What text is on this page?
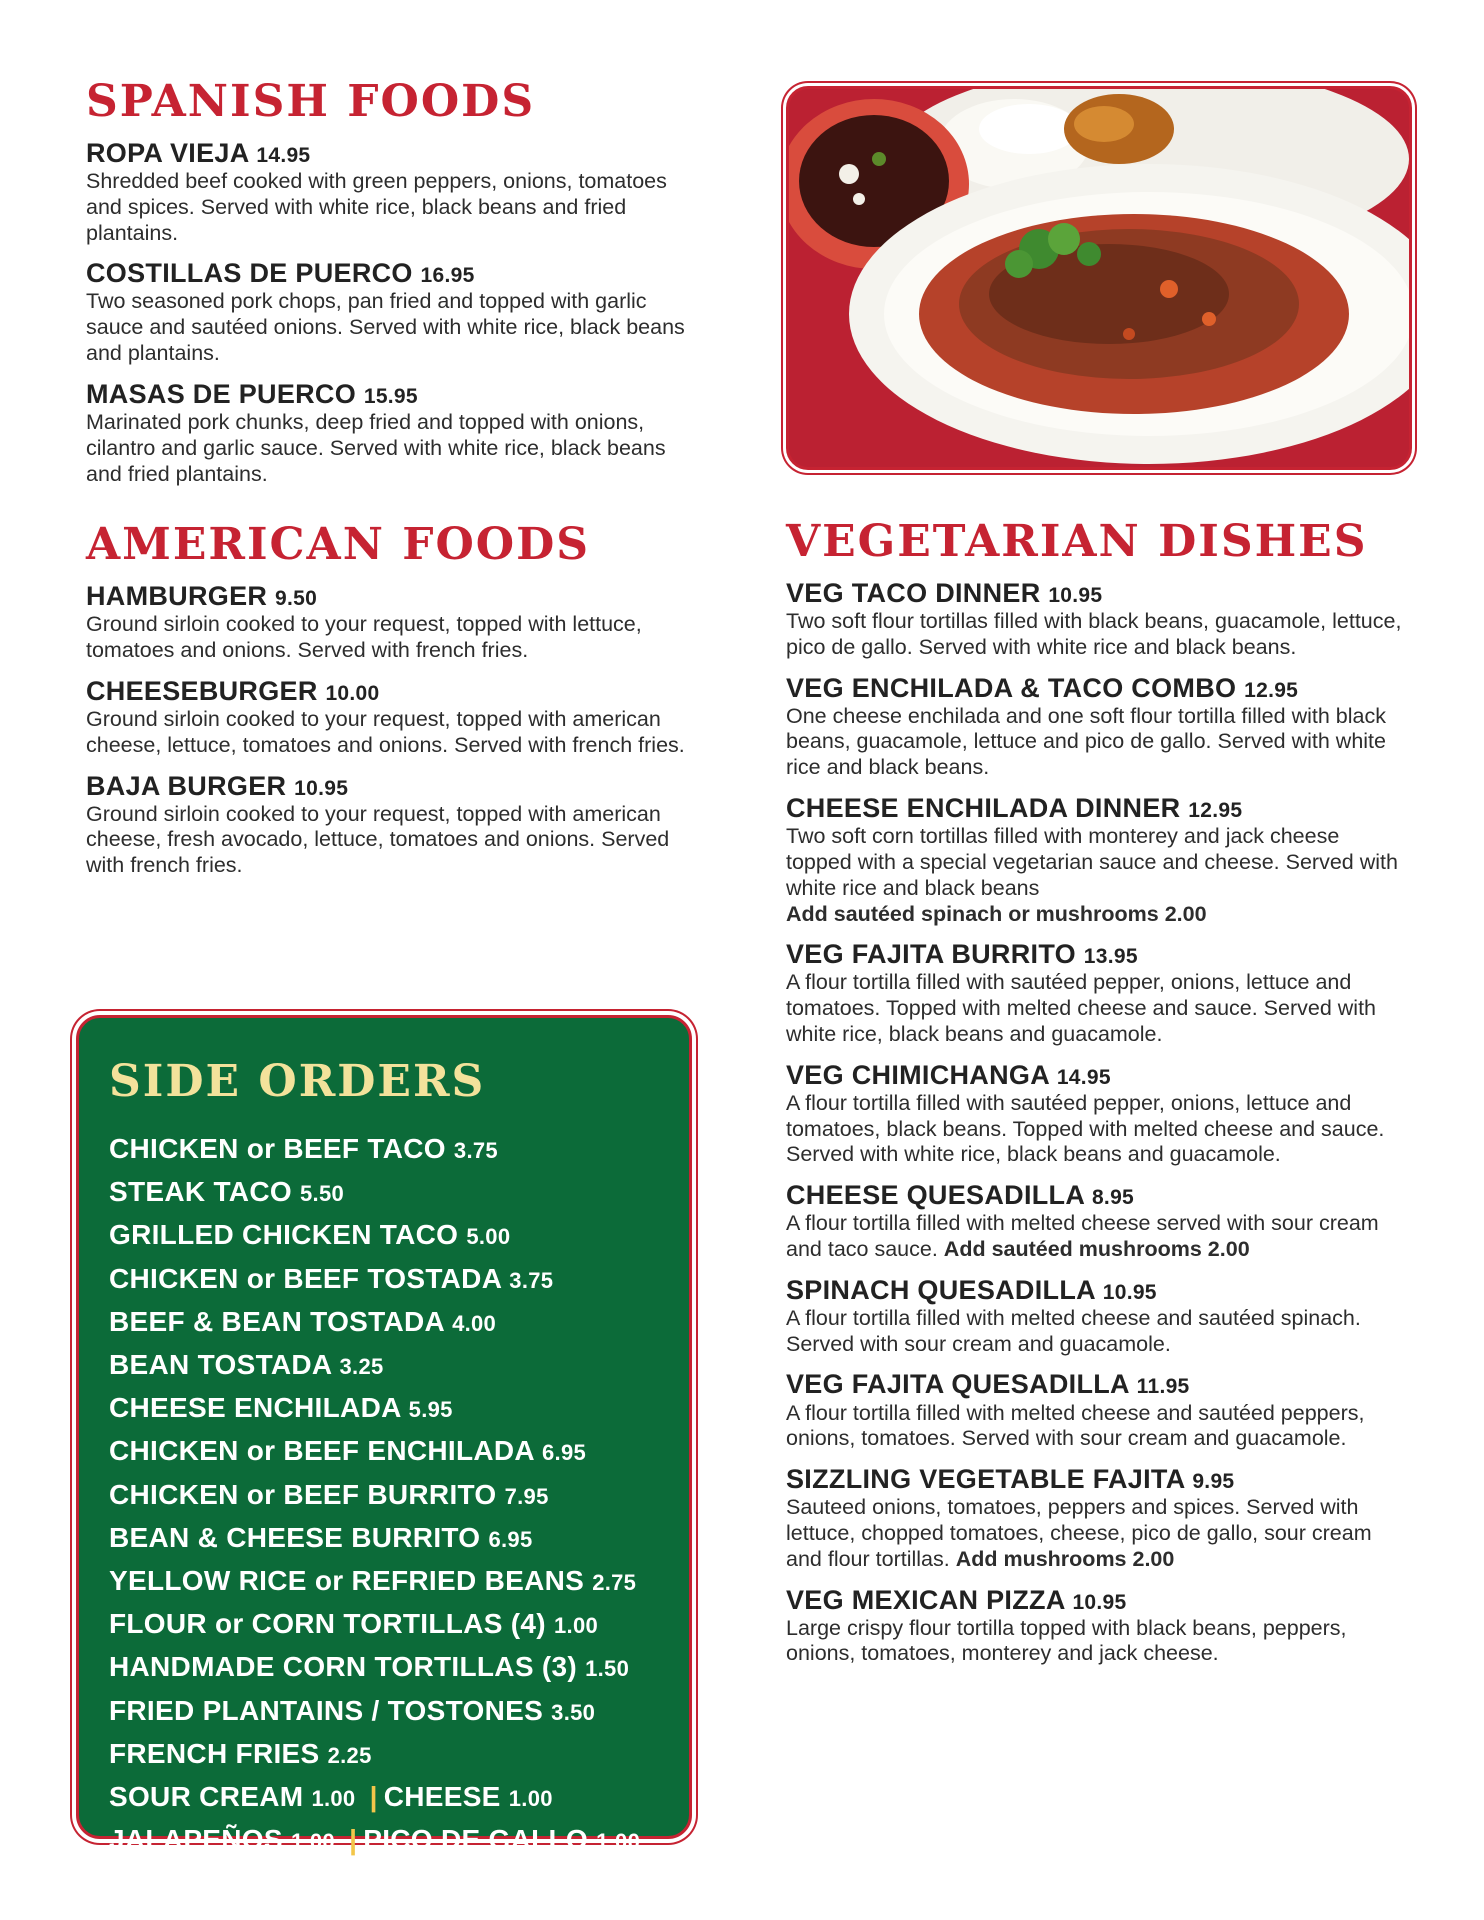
SPANISH FOODS
ROPA VIEJA 14.95
Shredded beef cooked with green peppers, onions, tomatoes and spices. Served with white rice, black beans and fried plantains.
COSTILLAS DE PUERCO 16.95
Two seasoned pork chops, pan fried and topped with garlic sauce and sautéed onions. Served with white rice, black beans and plantains.
MASAS DE PUERCO 15.95
Marinated pork chunks, deep fried and topped with onions, cilantro and garlic sauce. Served with white rice, black beans and fried plantains.
AMERICAN FOODS
HAMBURGER 9.50
Ground sirloin cooked to your request, topped with lettuce, tomatoes and onions. Served with french fries.
CHEESEBURGER 10.00
Ground sirloin cooked to your request, topped with american cheese, lettuce, tomatoes and onions. Served with french fries.
BAJA BURGER 10.95
Ground sirloin cooked to your request, topped with american cheese, fresh avocado, lettuce, tomatoes and onions. Served with french fries.
SIDE ORDERS
CHICKEN or BEEF TACO 3.75
STEAK TACO 5.50
GRILLED CHICKEN TACO 5.00
CHICKEN or BEEF TOSTADA 3.75
BEEF & BEAN TOSTADA 4.00
BEAN TOSTADA 3.25
CHEESE ENCHILADA 5.95
CHICKEN or BEEF ENCHILADA 6.95
CHICKEN or BEEF BURRITO 7.95
BEAN & CHEESE BURRITO 6.95
YELLOW RICE or REFRIED BEANS 2.75
FLOUR or CORN TORTILLAS (4) 1.00
HANDMADE CORN TORTILLAS (3) 1.50
FRIED PLANTAINS / TOSTONES 3.50
FRENCH FRIES 2.25
SOUR CREAM 1.00 | CHEESE 1.00
JALAPEÑOS 1.00 | PICO DE GALLO 1.00
VEGETARIAN DISHES
VEG TACO DINNER 10.95
Two soft flour tortillas filled with black beans, guacamole, lettuce, pico de gallo. Served with white rice and black beans.
VEG ENCHILADA & TACO COMBO 12.95
One cheese enchilada and one soft flour tortilla filled with black beans, guacamole, lettuce and pico de gallo. Served with white rice and black beans.
CHEESE ENCHILADA DINNER 12.95
Two soft corn tortillas filled with monterey and jack cheese topped with a special vegetarian sauce and cheese. Served with white rice and black beans
Add sautéed spinach or mushrooms 2.00
VEG FAJITA BURRITO 13.95
A flour tortilla filled with sautéed pepper, onions, lettuce and tomatoes. Topped with melted cheese and sauce. Served with white rice, black beans and guacamole.
VEG CHIMICHANGA 14.95
A flour tortilla filled with sautéed pepper, onions, lettuce and tomatoes, black beans. Topped with melted cheese and sauce. Served with white rice, black beans and guacamole.
CHEESE QUESADILLA 8.95
A flour tortilla filled with melted cheese served with sour cream and taco sauce. Add sautéed mushrooms 2.00
SPINACH QUESADILLA 10.95
A flour tortilla filled with melted cheese and sautéed spinach. Served with sour cream and guacamole.
VEG FAJITA QUESADILLA 11.95
A flour tortilla filled with melted cheese and sautéed peppers, onions, tomatoes. Served with sour cream and guacamole.
SIZZLING VEGETABLE FAJITA 9.95
Sauteed onions, tomatoes, peppers and spices. Served with lettuce, chopped tomatoes, cheese, pico de gallo, sour cream and flour tortillas. Add mushrooms 2.00
VEG MEXICAN PIZZA 10.95
Large crispy flour tortilla topped with black beans, peppers, onions, tomatoes, monterey and jack cheese.
